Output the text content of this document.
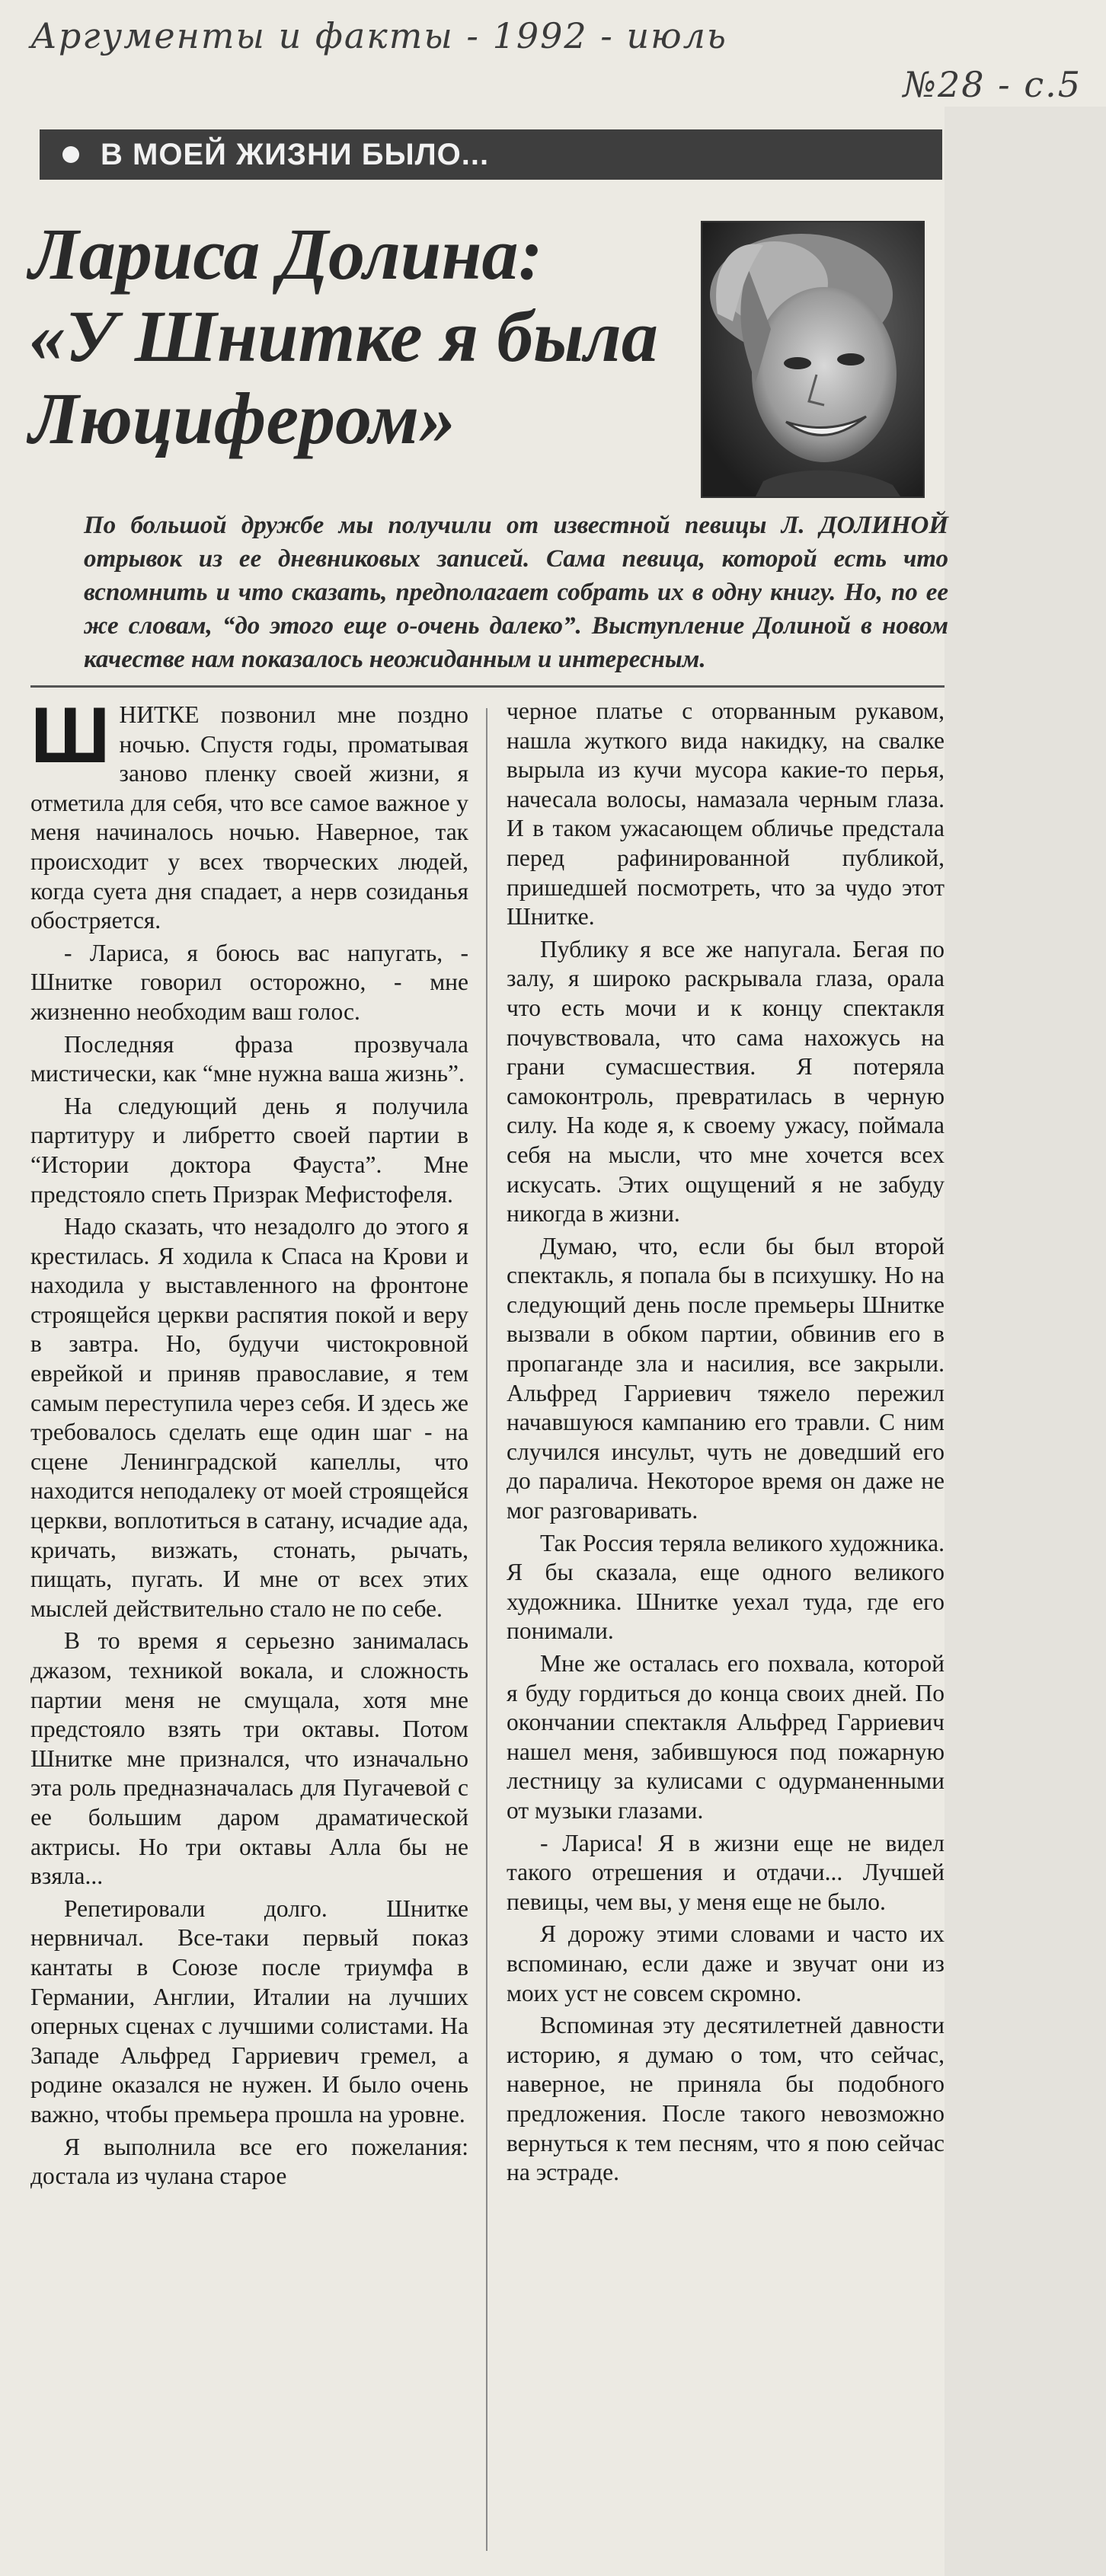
Аргументы и факты - 1992 - июль
№28 - с.5
В МОЕЙ ЖИЗНИ БЫЛО...
Лариса Долина:
«У Шнитке я была
Люцифером»
По большой дружбе мы получили от известной певицы Л. ДОЛИНОЙ отрывок из ее дневниковых записей. Сама певица, которой есть что вспомнить и что сказать, предполагает собрать их в одну книгу. Но, по ее же словам, “до этого еще о-очень далеко”. Выступление Долиной в новом качестве нам показалось неожиданным и интересным.

ШНИТКЕ позвонил мне поздно ночью. Спустя годы, проматывая заново пленку своей жизни, я отметила для себя, что все самое важное у меня начиналось ночью. Наверное, так происходит у всех творческих людей, когда суета дня спадает, а нерв созиданья обостряется.

- Лариса, я боюсь вас напугать, - Шнитке говорил осторожно, - мне жизненно необходим ваш голос.

Последняя фраза прозвучала мистически, как “мне нужна ваша жизнь”.

На следующий день я получила партитуру и либретто своей партии в “Истории доктора Фауста”. Мне предстояло спеть Призрак Мефистофеля.

Надо сказать, что незадолго до этого я крестилась. Я ходила к Спаса на Крови и находила у выставленного на фронтоне строящейся церкви распятия покой и веру в завтра. Но, будучи чистокровной еврейкой и приняв православие, я тем самым переступила через себя. И здесь же требовалось сделать еще один шаг - на сцене Ленинградской капеллы, что находится неподалеку от моей строящейся церкви, воплотиться в сатану, исчадие ада, кричать, визжать, стонать, рычать, пищать, пугать. И мне от всех этих мыслей действительно стало не по себе.

В то время я серьезно занималась джазом, техникой вокала, и сложность партии меня не смущала, хотя мне предстояло взять три октавы. Потом Шнитке мне признался, что изначально эта роль предназначалась для Пугачевой с ее большим даром драматической актрисы. Но три октавы Алла бы не взяла...

Репетировали долго. Шнитке нервничал. Все-таки первый показ кантаты в Союзе после триумфа в Германии, Англии, Италии на лучших оперных сценах с лучшими солистами. На Западе Альфред Гарриевич гремел, а родине оказался не нужен. И было очень важно, чтобы премьера прошла на уровне.

Я выполнила все его пожелания: достала из чулана старое

черное платье с оторванным рукавом, нашла жуткого вида накидку, на свалке вырыла из кучи мусора какие-то перья, начесала волосы, намазала черным глаза. И в таком ужасающем обличье предстала перед рафинированной публикой, пришедшей посмотреть, что за чудо этот Шнитке.

Публику я все же напугала. Бегая по залу, я широко раскрывала глаза, орала что есть мочи и к концу спектакля почувствовала, что сама нахожусь на грани сумасшествия. Я потеряла самоконтроль, превратилась в черную силу. На коде я, к своему ужасу, поймала себя на мысли, что мне хочется всех искусать. Этих ощущений я не забуду никогда в жизни.

Думаю, что, если бы был второй спектакль, я попала бы в психушку. Но на следующий день после премьеры Шнитке вызвали в обком партии, обвинив его в пропаганде зла и насилия, все закрыли. Альфред Гарриевич тяжело пережил начавшуюся кампанию его травли. С ним случился инсульт, чуть не доведший его до паралича. Некоторое время он даже не мог разговаривать.

Так Россия теряла великого художника. Я бы сказала, еще одного великого художника. Шнитке уехал туда, где его понимали.

Мне же осталась его похвала, которой я буду гордиться до конца своих дней. По окончании спектакля Альфред Гарриевич нашел меня, забившуюся под пожарную лестницу за кулисами с одурманенными от музыки глазами.

- Лариса! Я в жизни еще не видел такого отрешения и отдачи... Лучшей певицы, чем вы, у меня еще не было.

Я дорожу этими словами и часто их вспоминаю, если даже и звучат они из моих уст не совсем скромно.

Вспоминая эту десятилетней давности историю, я думаю о том, что сейчас, наверное, не приняла бы подобного предложения. После такого невозможно вернуться к тем песням, что я пою сейчас на эстраде.
